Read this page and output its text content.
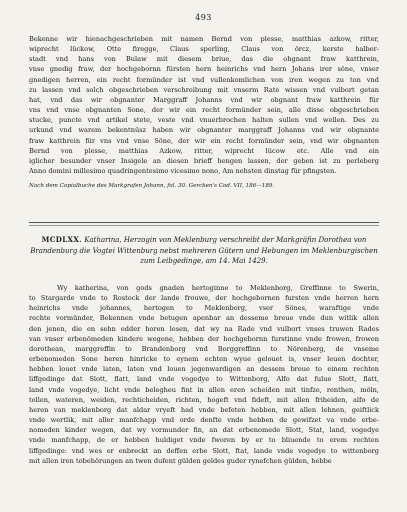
493

Bekenne wir hienachgeschrieben mit namen Bernd von plesse, matthias azkow, ritter,
wiprecht lückow, Otte firegge, Claus sperling, Claus von örcz, kerste halber-
stadt vnd hans von Bulaw mit diesem briue, das die ohgnant fraw katthrein,
vnse gnedig fraw, der hochgebornn fürsten hern heinrichs vnd hern Johans irer söne, vnser
gnedigen herren, ein recht formünder ist vnd vullenkomlichen von iren wegen zu ton vnd
zu lassen vnd solch obgeschrieben verschreibung mit vnserm Rate wissen vnd vulbort getan
hat, vnd das wir obgnanter Marggraff Johanns vnd wir obgnant fraw katthrein für
vns vnd vnse obgnanten Sone, der wir ein recht formünder sein, alle disse obgeschrieben
stucke, puncte vnd artikel stete, veste vnd vnuerbrochen halten sullen vnd wellen. Des zu
urkund vnd warem bekentnüsz haben wir obgnanter marggraff Johanns vnd wir obgnante
fraw katthrein für vns vnd vnse Söne, der wir ein recht formünder sein, vnd wir obgnanten
Bernd von plesse, matthias Azkow, ritter, wiprecht lücow etc. Alle vnd ein
iglicher besunder vnser Insigele an diesen brieff hengen lassen, der geben ist zu perleberg
Anno domini millesimo quadringentesimo vicesimo nono, Am nehsten dinstag für pfingsten.

Nach dem Copialbuche des Markgrafen Johann, fol. 30. Gercken's Cod. VII, 186—189.
MCDLXX. Katharina, Herzogin von Meklenburg verschreibt der Markgräfin Dorothea von Brandenburg die Vogtei Wittenburg nebst mehreren Gütern und Hebungen im Meklenburgischen zum Leibgedinge, am 14. Mai 1429.

Wy katherina, von gods gnaden hertoginne to Meklenborg, Greffinne to Swerin,
to Stargarde vnde to Rostock der lande frouwe, der hochgebornen fursten vnde herren hern
heinrichs vnde johannes, hertogen to Meklenborg, vser Sönes, waraftige vnde
rechte vormünder, Bekennen vnde betugen apenbar an desseme breue vnde dun witlik allen
den jenen, die en sehn edder horen lesen, dat wy na Rade vnd vulbort vnses truwen Rades
van vnser erbenömeden kindere wegene, hebben der hochgebornn furstinne vnde frowen, frowen
dorothean, marggreffin to Brandenborg vnd Borggreffinn to Nörenberg, de vnseme
erbenomeden Sone heren hinricke to eynem echten wyue gelouet is, vnser leuen dochter,
hebben louet vnde laten, laten vnd louen jegenwardigen an dessem breue to einem rechten
liffgedinge dat Slott, flatt, land vnde vogedye to Wittenborg, Alfo dat fulue Slott, flatt,
land vnde vogedye, licht vnde belegheu fint in allen eren scheiden mit tinfze, renthen, möln,
tollen, wateren, weiden, rechticheiden, richten, hogeft vnd fideft, mit allen friheiden, alfo de
heren van meklenborg dat aldar vryeft had vnde befeten hebben, mit allen lehnen, geiftlick
vnde wertlik, mit aller manfchapp vnd orde denfte vnde hebben de gewifzet va vnde erbe-
nomeden kinder wegen, dat wy vormunder fin, an dat erbenomede Slott, Stat, land, vogedye
vnde manfchapp, de er hebben huldiget vnde fworen by er to bliuende to erem rechten
liffgedinge: vnd wes er enbreckt an deffen erbe Slott, ftat, lande vnde vogedye to wittenborg
mit allen iren tobehörungen an twen dufent gülden geldes guder rynefchen gülden, hebbe
